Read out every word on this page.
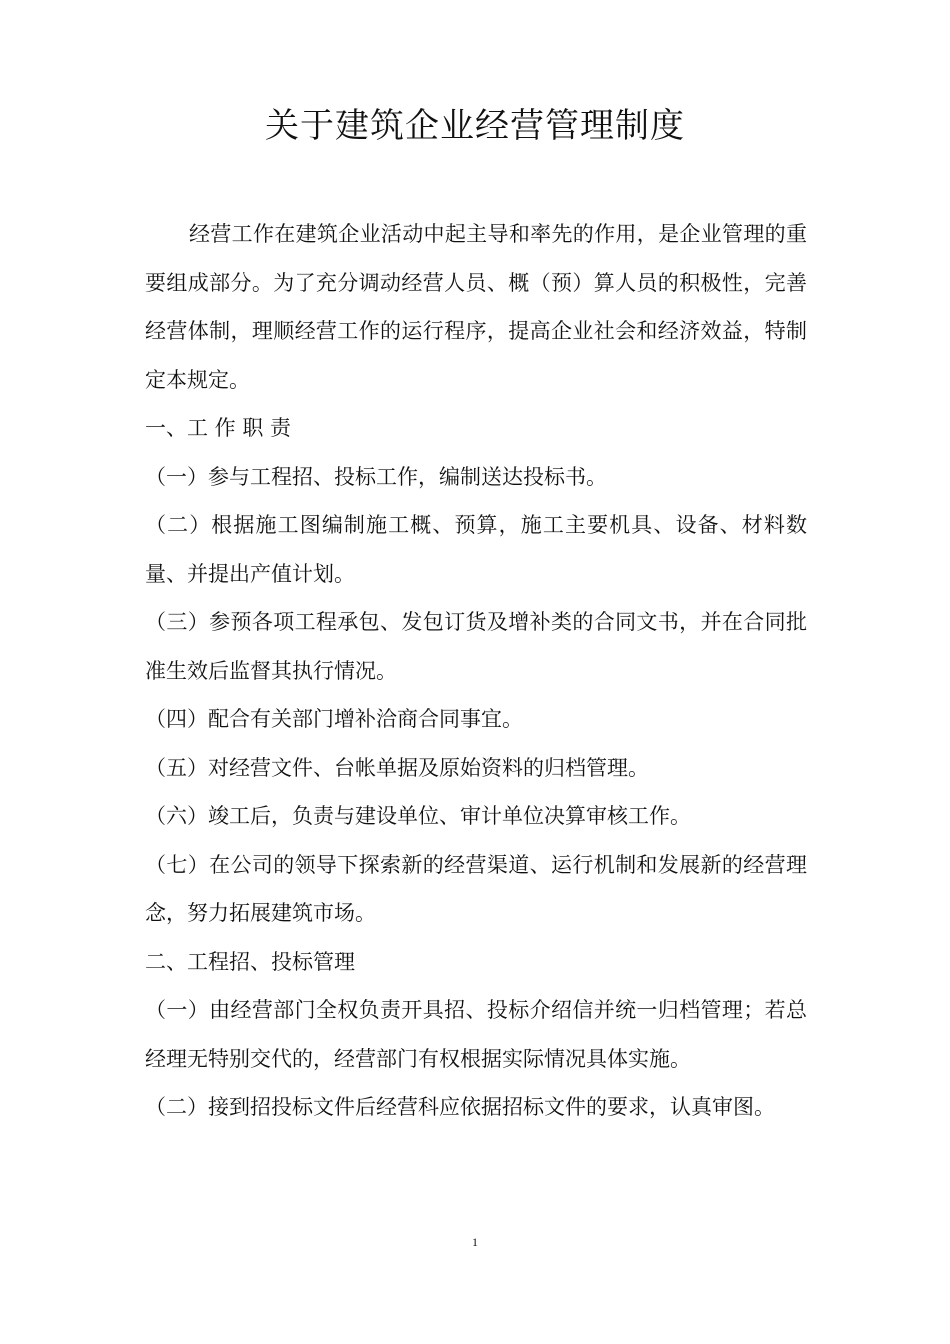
关于建筑企业经营管理制度

经营工作在建筑企业活动中起主导和率先的作用，是企业管理的重要组成部分。为了充分调动经营人员、概（预）算人员的积极性，完善经营体制，理顺经营工作的运行程序，提高企业社会和经济效益，特制定本规定。

一、工 作 职 责

（一）参与工程招、投标工作，编制送达投标书。

（二）根据施工图编制施工概、预算，施工主要机具、设备、材料数量、并提出产值计划。

（三）参预各项工程承包、发包订货及增补类的合同文书，并在合同批准生效后监督其执行情况。

（四）配合有关部门增补洽商合同事宜。

（五）对经营文件、台帐单据及原始资料的归档管理。

（六）竣工后，负责与建设单位、审计单位决算审核工作。

（七）在公司的领导下探索新的经营渠道、运行机制和发展新的经营理念，努力拓展建筑市场。

二、工程招、投标管理

（一）由经营部门全权负责开具招、投标介绍信并统一归档管理；若总经理无特别交代的，经营部门有权根据实际情况具体实施。

（二）接到招投标文件后经营科应依据招标文件的要求，认真审图。

1
